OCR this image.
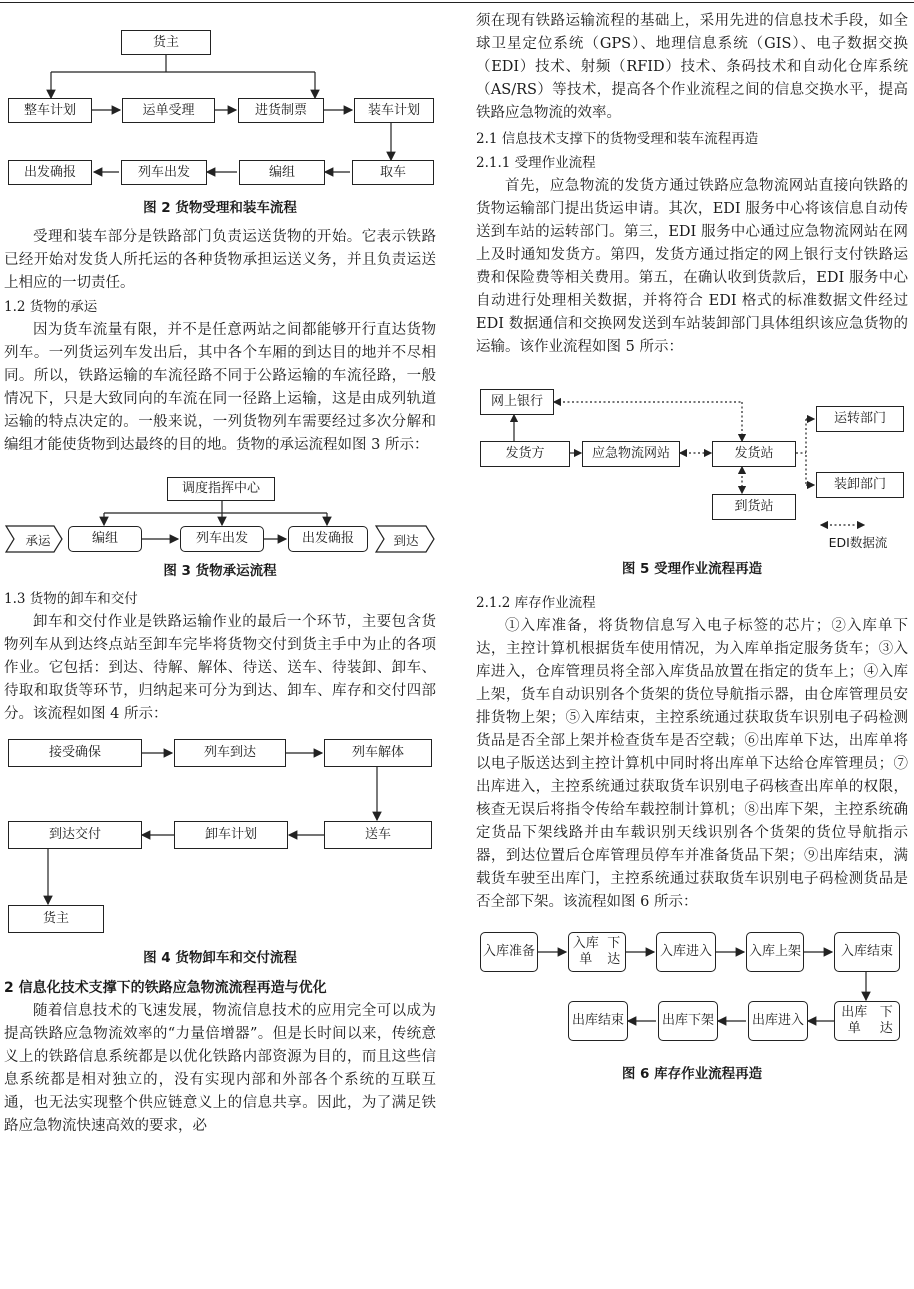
货主
整车计划	运单受理	进货制票	装车计划
出发确报	列车出发	编组	取车

图 2 货物受理和装车流程

受理和装车部分是铁路部门负责运送货物的开始。它表示铁路已经开始对发货人所托运的各种货物承担运送义务，并且负责运送上相应的一切责任。

1.2 货物的承运

因为货车流量有限，并不是任意两站之间都能够开行直达货物列车。一列货运列车发出后，其中各个车厢的到达目的地并不尽相同。所以，铁路运输的车流径路不同于公路运输的车流径路，一般情况下，只是大致同向的车流在同一径路上运输，这是由成列轨道运输的特点决定的。一般来说，一列货物列车需要经过多次分解和编组才能使货物到达最终的目的地。货物的承运流程如图 3 所示：

调度指挥中心
承运	编组	列车出发	出发确报	到达

图 3 货物承运流程

1.3 货物的卸车和交付

卸车和交付作业是铁路运输作业的最后一个环节，主要包含货物列车从到达终点站至卸车完毕将货物交付到货主手中为止的各项作业。它包括：到达、待解、解体、待送、送车、待装卸、卸车、待取和取货等环节，归纳起来可分为到达、卸车、库存和交付四部分。该流程如图 4 所示：

接受确保	列车到达	列车解体
到达交付	卸车计划	送车
货主

图 4 货物卸车和交付流程

2 信息化技术支撑下的铁路应急物流流程再造与优化

随着信息技术的飞速发展，物流信息技术的应用完全可以成为提高铁路应急物流效率的“力量倍增器”。但是长时间以来，传统意义上的铁路信息系统都是以优化铁路内部资源为目的，而且这些信息系统都是相对独立的，没有实现内部和外部各个系统的互联互通，也无法实现整个供应链意义上的信息共享。因此，为了满足铁路应急物流快速高效的要求，必

须在现有铁路运输流程的基础上，采用先进的信息技术手段，如全球卫星定位系统（GPS）、地理信息系统（GIS）、电子数据交换（EDI）技术、射频（RFID）技术、条码技术和自动化仓库系统（AS/RS）等技术，提高各个作业流程之间的信息交换水平，提高铁路应急物流的效率。

2.1 信息技术支撑下的货物受理和装车流程再造

2.1.1 受理作业流程

首先，应急物流的发货方通过铁路应急物流网站直接向铁路的货物运输部门提出货运申请。其次，EDI 服务中心将该信息自动传送到车站的运转部门。第三，EDI 服务中心通过应急物流网站在网上及时通知发货方。第四，发货方通过指定的网上银行支付铁路运费和保险费等相关费用。第五，在确认收到货款后，EDI 服务中心自动进行处理相关数据，并将符合 EDI 格式的标准数据文件经过 EDI 数据通信和交换网发送到车站装卸部门具体组织该应急货物的运输。该作业流程如图 5 所示：

网上银行
发货方	应急物流网站	发货站
到货站
运转部门
装卸部门
EDI数据流

图 5 受理作业流程再造

2.1.2 库存作业流程

①入库准备，将货物信息写入电子标签的芯片；②入库单下达，主控计算机根据货车使用情况，为入库单指定服务货车；③入库进入，仓库管理员将全部入库货品放置在指定的货车上；④入库上架，货车自动识别各个货架的货位导航指示器，由仓库管理员安排货物上架；⑤入库结束，主控系统通过获取货车识别电子码检测货品是否全部上架并检查货车是否空载；⑥出库单下达，出库单将以电子版送达到主控计算机中同时将出库单下达给仓库管理员；⑦出库进入，主控系统通过获取货车识别电子码核查出库单的权限，核查无误后将指令传给车载控制计算机；⑧出库下架，主控系统确定货品下架线路并由车载识别天线识别各个货架的货位导航指示器，到达位置后仓库管理员停车并准备货品下架；⑨出库结束，满载货车驶至出库门，主控系统通过获取货车识别电子码检测货品是否全部下架。该流程如图 6 所示：

入库 准备
入库单

下达
入库 进入	入库 上架	入库 结束
出库 结束	出库 下架	出库 进入
出库单

下达

图 6 库存作业流程再造
